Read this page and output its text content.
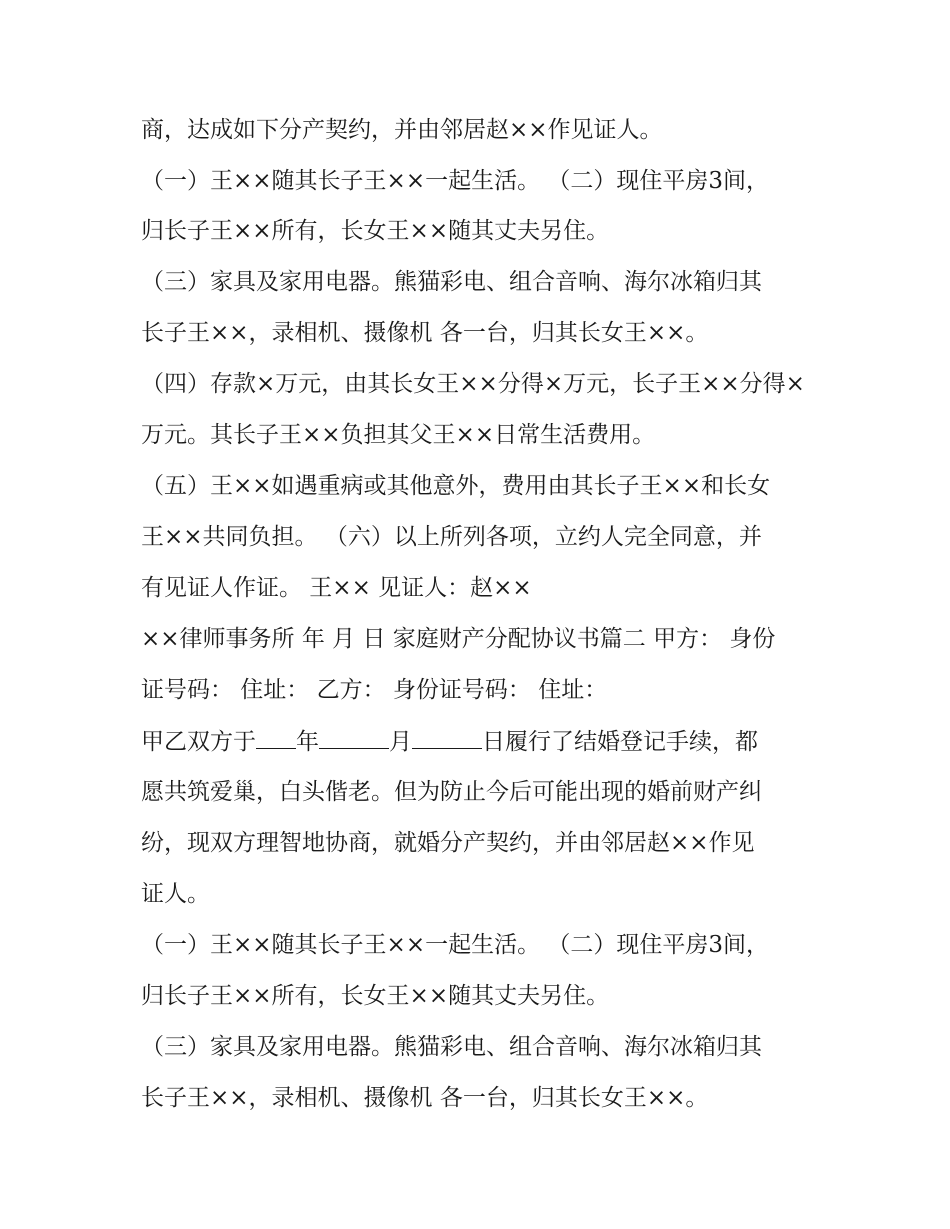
商，达成如下分产契约，并由邻居赵××作见证人。
（一）王××随其长子王××一起生活。 （二）现住平房3间，
归长子王××所有，长女王××随其丈夫另住。
（三）家具及家用电器。熊猫彩电、组合音响、海尔冰箱归其
长子王××，录相机、摄像机 各一台，归其长女王××。
（四）存款×万元，由其长女王××分得×万元，长子王××分得×
万元。其长子王××负担其父王××日常生活费用。
（五）王××如遇重病或其他意外，费用由其长子王××和长女
王××共同负担。 （六）以上所列各项，立约人完全同意，并
有见证人作证。 王×× 见证人：赵××
××律师事务所 年 月 日 家庭财产分配协议书篇二 甲方： 身份
证号码： 住址： 乙方： 身份证号码： 住址：
甲乙双方于 年	月	日履行了结婚登记手续，都
愿共筑爱巢，白头偕老。但为防止今后可能出现的婚前财产纠
纷，现双方理智地协商，就婚分产契约，并由邻居赵××作见
证人。
（一）王××随其长子王××一起生活。 （二）现住平房3间，
归长子王××所有，长女王××随其丈夫另住。
（三）家具及家用电器。熊猫彩电、组合音响、海尔冰箱归其
长子王××，录相机、摄像机 各一台，归其长女王××。
